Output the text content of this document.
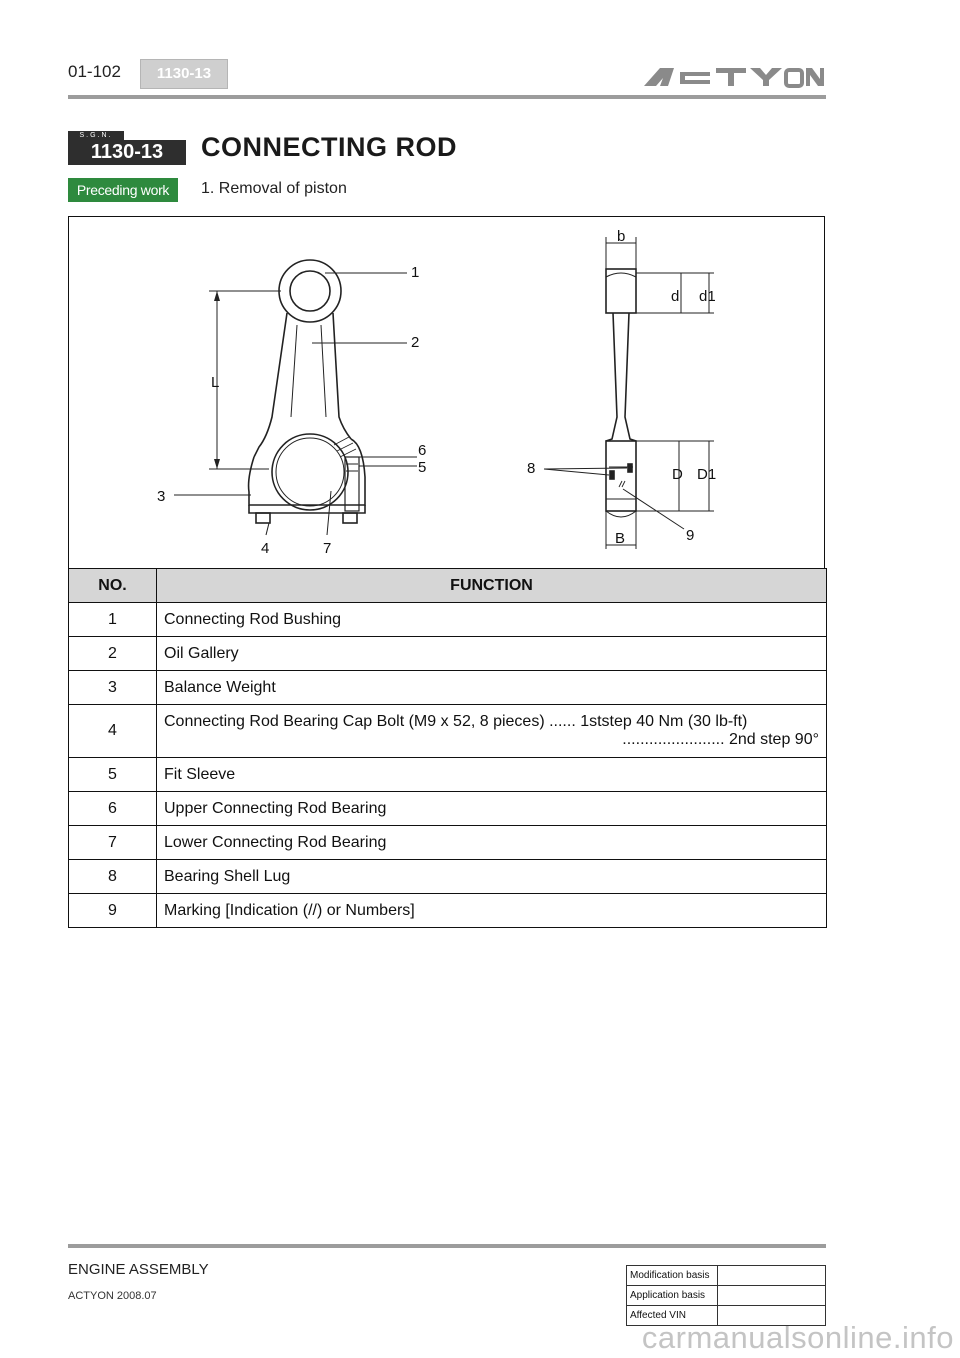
01-102	1130-13
S.G.N.
1130-13	CONNECTING ROD
Preceding work	1. Removal of piston
1
2
6
5
3
4	7
8
9
L
b
d d1
D D1
B
NO.	FUNCTION
1	Connecting Rod Bushing
2	Oil Gallery
3	Balance Weight
4	Connecting Rod Bearing Cap Bolt (M9 x 52, 8 pieces) ...... 1ststep 40 Nm (30 lb-ft)
....................... 2nd step 90°

5	Fit Sleeve
6	Upper Connecting Rod Bearing
7	Lower Connecting Rod Bearing
8	Bearing Shell Lug
9	Marking [Indication (//) or Numbers]
ENGINE ASSEMBLY
ACTYON 2008.07
Modification basis	
Application basis	
Affected VIN	
carmanualsonline.info
